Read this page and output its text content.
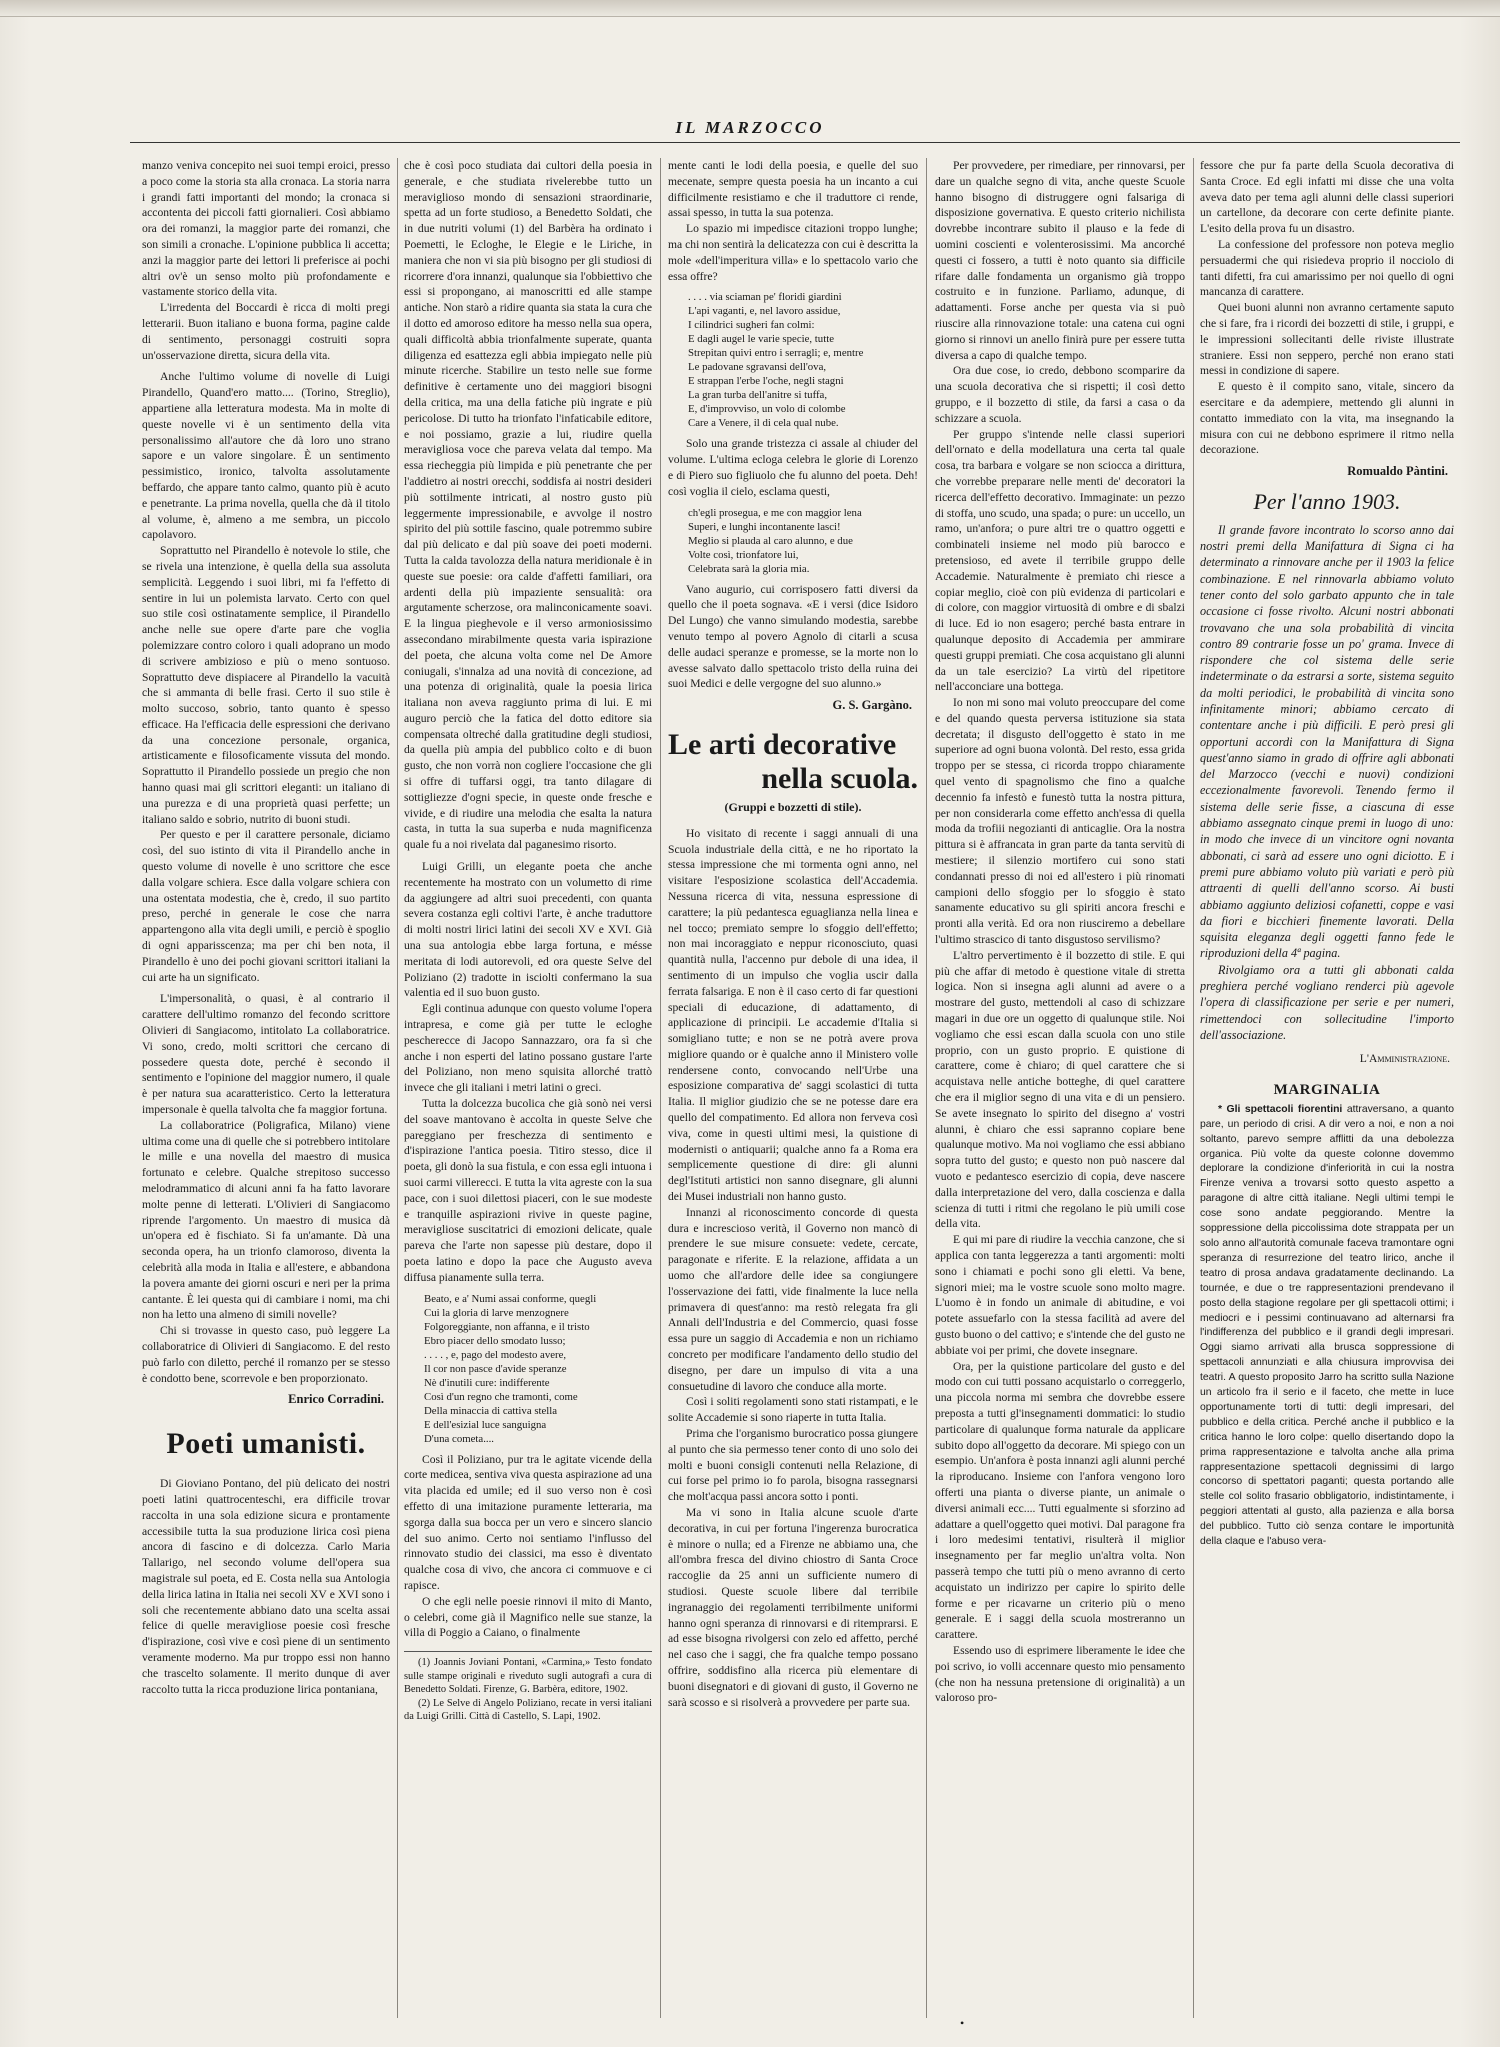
IL MARZOCCO

manzo veniva concepito nei suoi tempi eroici, presso a poco come la storia sta alla cronaca. La storia narra i grandi fatti importanti del mondo; la cronaca si accontenta dei piccoli fatti giornalieri. Così abbiamo ora dei romanzi, la maggior parte dei romanzi, che son simili a cronache. L'opinione pubblica li accetta; anzi la maggior parte dei lettori li preferisce ai pochi altri ov'è un senso molto più profondamente e vastamente storico della vita.

L'irredenta del Boccardi è ricca di molti pregi letterarii. Buon italiano e buona forma, pagine calde di sentimento, personaggi costruiti sopra un'osservazione diretta, sicura della vita.

Anche l'ultimo volume di novelle di Luigi Pirandello, Quand'ero matto.... (Torino, Streglio), appartiene alla letteratura modesta. Ma in molte di queste novelle vi è un sentimento della vita personalissimo all'autore che dà loro uno strano sapore e un valore singolare. È un sentimento pessimistico, ironico, talvolta assolutamente beffardo, che appare tanto calmo, quanto più è acuto e penetrante. La prima novella, quella che dà il titolo al volume, è, almeno a me sembra, un piccolo capolavoro.

Soprattutto nel Pirandello è notevole lo stile, che se rivela una intenzione, è quella della sua assoluta semplicità. Leggendo i suoi libri, mi fa l'effetto di sentire in lui un polemista larvato. Certo con quel suo stile così ostinatamente semplice, il Pirandello anche nelle sue opere d'arte pare che voglia polemizzare contro coloro i quali adoprano un modo di scrivere ambizioso e più o meno sontuoso. Soprattutto deve dispiacere al Pirandello la vacuità che si ammanta di belle frasi. Certo il suo stile è molto succoso, sobrio, tanto quanto è spesso efficace. Ha l'efficacia delle espressioni che derivano da una concezione personale, organica, artisticamente e filosoficamente vissuta del mondo. Soprattutto il Pirandello possiede un pregio che non hanno quasi mai gli scrittori eleganti: un italiano di una purezza e di una proprietà quasi perfette; un italiano saldo e sobrio, nutrito di buoni studi.

Per questo e per il carattere personale, diciamo così, del suo istinto di vita il Pirandello anche in questo volume di novelle è uno scrittore che esce dalla volgare schiera. Esce dalla volgare schiera con una ostentata modestia, che è, credo, il suo partito preso, perché in generale le cose che narra appartengono alla vita degli umili, e perciò è spoglio di ogni apparisscenza; ma per chi ben nota, il Pirandello è uno dei pochi giovani scrittori italiani la cui arte ha un significato.

L'impersonalità, o quasi, è al contrario il carattere dell'ultimo romanzo del fecondo scrittore Olivieri di Sangiacomo, intitolato La collaboratrice. Vi sono, credo, molti scrittori che cercano di possedere questa dote, perché è secondo il sentimento e l'opinione del maggior numero, il quale è per natura sua acaratteristico. Certo la letteratura impersonale è quella talvolta che fa maggior fortuna.

La collaboratrice (Poligrafica, Milano) viene ultima come una di quelle che si potrebbero intitolare le mille e una novella del maestro di musica fortunato e celebre. Qualche strepitoso successo melodrammatico di alcuni anni fa ha fatto lavorare molte penne di letterati. L'Olivieri di Sangiacomo riprende l'argomento. Un maestro di musica dà un'opera ed è fischiato. Si fa un'amante. Dà una seconda opera, ha un trionfo clamoroso, diventa la celebrità alla moda in Italia e all'estere, e abbandona la povera amante dei giorni oscuri e neri per la prima cantante. È lei questa qui di cambiare i nomi, ma chi non ha letto una almeno di simili novelle?

Chi si trovasse in questo caso, può leggere La collaboratrice di Olivieri di Sangiacomo. E del resto può farlo con diletto, perché il romanzo per se stesso è condotto bene, scorrevole e ben proporzionato.

Enrico Corradini.
Poeti umanisti.

Di Gioviano Pontano, del più delicato dei nostri poeti latini quattrocenteschi, era difficile trovar raccolta in una sola edizione sicura e prontamente accessibile tutta la sua produzione lirica così piena ancora di fascino e di dolcezza. Carlo Maria Tallarigo, nel secondo volume dell'opera sua magistrale sul poeta, ed E. Costa nella sua Antologia della lirica latina in Italia nei secoli XV e XVI sono i soli che recentemente abbiano dato una scelta assai felice di quelle meravigliose poesie così fresche d'ispirazione, così vive e così piene di un sentimento veramente moderno. Ma pur troppo essi non hanno che trascelto solamente. Il merito dunque di aver raccolto tutta la ricca produzione lirica pontaniana,

che è così poco studiata dai cultori della poesia in generale, e che studiata rivelerebbe tutto un meraviglioso mondo di sensazioni straordinarie, spetta ad un forte studioso, a Benedetto Soldati, che in due nutriti volumi (1) del Barbèra ha ordinato i Poemetti, le Ecloghe, le Elegie e le Liriche, in maniera che non vi sia più bisogno per gli studiosi di ricorrere d'ora innanzi, qualunque sia l'obbiettivo che essi si propongano, ai manoscritti ed alle stampe antiche. Non starò a ridire quanta sia stata la cura che il dotto ed amoroso editore ha messo nella sua opera, quali difficoltà abbia trionfalmente superate, quanta diligenza ed esattezza egli abbia impiegato nelle più minute ricerche. Stabilire un testo nelle sue forme definitive è certamente uno dei maggiori bisogni della critica, ma una della fatiche più ingrate e più pericolose. Di tutto ha trionfato l'infaticabile editore, e noi possiamo, grazie a lui, riudire quella meravigliosa voce che pareva velata dal tempo. Ma essa riecheggia più limpida e più penetrante che per l'addietro ai nostri orecchi, soddisfa ai nostri desideri più sottilmente intricati, al nostro gusto più leggermente impressionabile, e avvolge il nostro spirito del più sottile fascino, quale potremmo subire dal più delicato e dal più soave dei poeti moderni. Tutta la calda tavolozza della natura meridionale è in queste sue poesie: ora calde d'affetti familiari, ora ardenti della più impaziente sensualità: ora argutamente scherzose, ora malinconicamente soavi. E la lingua pieghevole e il verso armoniosissimo assecondano mirabilmente questa varia ispirazione del poeta, che alcuna volta come nel De Amore coniugali, s'innalza ad una novità di concezione, ad una potenza di originalità, quale la poesia lirica italiana non aveva raggiunto prima di lui. E mi auguro perciò che la fatica del dotto editore sia compensata oltreché dalla gratitudine degli studiosi, da quella più ampia del pubblico colto e di buon gusto, che non vorrà non cogliere l'occasione che gli si offre di tuffarsi oggi, tra tanto dilagare di sottigliezze d'ogni specie, in queste onde fresche e vivide, e di riudire una melodia che esalta la natura casta, in tutta la sua superba e nuda magnificenza quale fu a noi rivelata dal paganesimo risorto.

Luigi Grilli, un elegante poeta che anche recentemente ha mostrato con un volumetto di rime da aggiungere ad altri suoi precedenti, con quanta severa costanza egli coltivi l'arte, è anche traduttore di molti nostri lirici latini dei secoli XV e XVI. Già una sua antologia ebbe larga fortuna, e mésse meritata di lodi autorevoli, ed ora queste Selve del Poliziano (2) tradotte in isciolti confermano la sua valentia ed il suo buon gusto.

Egli continua adunque con questo volume l'opera intrapresa, e come già per tutte le ecloghe pescherecce di Jacopo Sannazzaro, ora fa sì che anche i non esperti del latino possano gustare l'arte del Poliziano, non meno squisita allorché trattò invece che gli italiani i metri latini o greci.

Tutta la dolcezza bucolica che già sonò nei versi del soave mantovano è accolta in queste Selve che pareggiano per freschezza di sentimento e d'ispirazione l'antica poesia. Titiro stesso, dice il poeta, gli donò la sua fistula, e con essa egli intuona i suoi carmi villerecci. E tutta la vita agreste con la sua pace, con i suoi dilettosi piaceri, con le sue modeste e tranquille aspirazioni rivive in queste pagine, meravigliose suscitatrici di emozioni delicate, quale pareva che l'arte non sapesse più destare, dopo il poeta latino e dopo la pace che Augusto aveva diffusa pianamente sulla terra.

Beato, e a' Numi assai conforme, quegli
Cui la gloria di larve menzognere
Folgoreggiante, non affanna, e il tristo
Ebro piacer dello smodato lusso;
. . . . , e, pago del modesto avere,
Il cor non pasce d'avide speranze
Nè d'inutili cure: indifferente
Così d'un regno che tramonti, come
Della minaccia di cattiva stella
E dell'esizial luce sanguigna
D'una cometa....

Così il Poliziano, pur tra le agitate vicende della corte medicea, sentiva viva questa aspirazione ad una vita placida ed umile; ed il suo verso non è così effetto di una imitazione puramente letteraria, ma sgorga dalla sua bocca per un vero e sincero slancio del suo animo. Certo noi sentiamo l'influsso del rinnovato studio dei classici, ma esso è diventato qualche cosa di vivo, che ancora ci commuove e ci rapisce.

O che egli nelle poesie rinnovi il mito di Manto, o celebri, come già il Magnifico nelle sue stanze, la villa di Poggio a Caiano, o finalmente

(1) Joannis Joviani Pontani, «Carmina,» Testo fondato sulle stampe originali e riveduto sugli autografi a cura di Benedetto Soldati. Firenze, G. Barbèra, editore, 1902.

(2) Le Selve di Angelo Poliziano, recate in versi italiani da Luigi Grilli. Città di Castello, S. Lapi, 1902.

mente canti le lodi della poesia, e quelle del suo mecenate, sempre questa poesia ha un incanto a cui difficilmente resistiamo e che il traduttore ci rende, assai spesso, in tutta la sua potenza.

Lo spazio mi impedisce citazioni troppo lunghe; ma chi non sentirà la delicatezza con cui è descritta la mole «dell'imperitura villa» e lo spettacolo vario che essa offre?

. . . . via sciaman pe' floridi giardini
L'api vaganti, e, nel lavoro assidue,
I cilindrici sugheri fan colmi:
E dagli augel le varie specie, tutte
Strepitan quivi entro i serragli; e, mentre
Le padovane sgravansi dell'ova,
E strappan l'erbe l'oche, negli stagni
La gran turba dell'anitre si tuffa,
E, d'improvviso, un volo di colombe
Care a Venere, il di cela qual nube.

Solo una grande tristezza ci assale al chiuder del volume. L'ultima ecloga celebra le glorie di Lorenzo e di Piero suo figliuolo che fu alunno del poeta. Deh! così voglia il cielo, esclama questi,

ch'egli prosegua, e me con maggior lena
Superi, e lunghi incontanente lasci!
Meglio si plauda al caro alunno, e due
Volte così, trionfatore lui,
Celebrata sarà la gloria mia.

Vano augurio, cui corrisposero fatti diversi da quello che il poeta sognava. «E i versi (dice Isidoro Del Lungo) che vanno simulando modestia, sarebbe venuto tempo al povero Agnolo di citarli a scusa delle audaci speranze e promesse, se la morte non lo avesse salvato dallo spettacolo tristo della ruina dei suoi Medici e delle vergogne del suo alunno.»

G. S. Gargàno.
Le arti decorative
nella scuola.
(Gruppi e bozzetti di stile).

Ho visitato di recente i saggi annuali di una Scuola industriale della città, e ne ho riportato la stessa impressione che mi tormenta ogni anno, nel visitare l'esposizione scolastica dell'Accademia. Nessuna ricerca di vita, nessuna espressione di carattere; la più pedantesca eguaglianza nella linea e nel tocco; premiato sempre lo sfoggio dell'effetto; non mai incoraggiato e neppur riconosciuto, quasi quantità nulla, l'accenno pur debole di una idea, il sentimento di un impulso che voglia uscir dalla ferrata falsariga. E non è il caso certo di far questioni speciali di educazione, di adattamento, di applicazione di principii. Le accademie d'Italia si somigliano tutte; e non se ne potrà avere prova migliore quando or è qualche anno il Ministero volle rendersene conto, convocando nell'Urbe una esposizione comparativa de' saggi scolastici di tutta Italia. Il miglior giudizio che se ne potesse dare era quello del compatimento. Ed allora non ferveva così viva, come in questi ultimi mesi, la quistione di modernisti o antiquarii; qualche anno fa a Roma era semplicemente questione di dire: gli alunni degl'Istituti artistici non sanno disegnare, gli alunni dei Musei industriali non hanno gusto.

Innanzi al riconoscimento concorde di questa dura e increscioso verità, il Governo non mancò di prendere le sue misure consuete: vedete, cercate, paragonate e riferite. E la relazione, affidata a un uomo che all'ardore delle idee sa congiungere l'osservazione dei fatti, vide finalmente la luce nella primavera di quest'anno: ma restò relegata fra gli Annali dell'Industria e del Commercio, quasi fosse essa pure un saggio di Accademia e non un richiamo concreto per modificare l'andamento dello studio del disegno, per dare un impulso di vita a una consuetudine di lavoro che conduce alla morte.

Così i soliti regolamenti sono stati ristampati, e le solite Accademie si sono riaperte in tutta Italia.

Prima che l'organismo burocratico possa giungere al punto che sia permesso tener conto di uno solo dei molti e buoni consigli contenuti nella Relazione, di cui forse pel primo io fo parola, bisogna rassegnarsi che molt'acqua passi ancora sotto i ponti.

Ma vi sono in Italia alcune scuole d'arte decorativa, in cui per fortuna l'ingerenza burocratica è minore o nulla; ed a Firenze ne abbiamo una, che all'ombra fresca del divino chiostro di Santa Croce raccoglie da 25 anni un sufficiente numero di studiosi. Queste scuole libere dal terribile ingranaggio dei regolamenti terribilmente uniformi hanno ogni speranza di rinnovarsi e di ritemprarsi. E ad esse bisogna rivolgersi con zelo ed affetto, perché nel caso che i saggi, che fra qualche tempo possano offrire, soddisfino alla ricerca più elementare di buoni disegnatori e di giovani di gusto, il Governo ne sarà scosso e si risolverà a provvedere per parte sua.

Per provvedere, per rimediare, per rinnovarsi, per dare un qualche segno di vita, anche queste Scuole hanno bisogno di distruggere ogni falsariga di disposizione governativa. E questo criterio nichilista dovrebbe incontrare subito il plauso e la fede di uomini coscienti e volenterosissimi. Ma ancorché questi ci fossero, a tutti è noto quanto sia difficile rifare dalle fondamenta un organismo già troppo costruito e in funzione. Parliamo, adunque, di adattamenti. Forse anche per questa via si può riuscire alla rinnovazione totale: una catena cui ogni giorno si rinnovi un anello finirà pure per essere tutta diversa a capo di qualche tempo.

Ora due cose, io credo, debbono scomparire da una scuola decorativa che si rispetti; il così detto gruppo, e il bozzetto di stile, da farsi a casa o da schizzare a scuola.

Per gruppo s'intende nelle classi superiori dell'ornato e della modellatura una certa tal quale cosa, tra barbara e volgare se non sciocca a dirittura, che vorrebbe preparare nelle menti de' decoratori la ricerca dell'effetto decorativo. Immaginate: un pezzo di stoffa, uno scudo, una spada; o pure: un uccello, un ramo, un'anfora; o pure altri tre o quattro oggetti e combinateli insieme nel modo più barocco e pretensioso, ed avete il terribile gruppo delle Accademie. Naturalmente è premiato chi riesce a copiar meglio, cioè con più evidenza di particolari e di colore, con maggior virtuosità di ombre e di sbalzi di luce. Ed io non esagero; perché basta entrare in qualunque deposito di Accademia per ammirare questi gruppi premiati. Che cosa acquistano gli alunni da un tale esercizio? La virtù del ripetitore nell'acconciare una bottega.

Io non mi sono mai voluto preoccupare del come e del quando questa perversa istituzione sia stata decretata; il disgusto dell'oggetto è stato in me superiore ad ogni buona volontà. Del resto, essa grida troppo per se stessa, ci ricorda troppo chiaramente quel vento di spagnolismo che fino a qualche decennio fa infestò e funestò tutta la nostra pittura, per non considerarla come effetto anch'essa di quella moda da trofiii negozianti di anticaglie. Ora la nostra pittura si è affrancata in gran parte da tanta servitù di mestiere; il silenzio mortifero cui sono stati condannati presso di noi ed all'estero i più rinomati campioni dello sfoggio per lo sfoggio è stato sanamente educativo su gli spiriti ancora freschi e pronti alla verità. Ed ora non riusciremo a debellare l'ultimo strascico di tanto disgustoso servilismo?

L'altro pervertimento è il bozzetto di stile. E qui più che affar di metodo è questione vitale di stretta logica. Non si insegna agli alunni ad avere o a mostrare del gusto, mettendoli al caso di schizzare magari in due ore un oggetto di qualunque stile. Noi vogliamo che essi escan dalla scuola con uno stile proprio, con un gusto proprio. E quistione di carattere, come è chiaro; di quel carattere che si acquistava nelle antiche botteghe, di quel carattere che era il miglior segno di una vita e di un pensiero. Se avete insegnato lo spirito del disegno a' vostri alunni, è chiaro che essi sapranno copiare bene qualunque motivo. Ma noi vogliamo che essi abbiano sopra tutto del gusto; e questo non può nascere dal vuoto e pedantesco esercizio di copia, deve nascere dalla interpretazione del vero, dalla coscienza e dalla scienza di tutti i ritmi che regolano le più umili cose della vita.

E qui mi pare di riudire la vecchia canzone, che si applica con tanta leggerezza a tanti argomenti: molti sono i chiamati e pochi sono gli eletti. Va bene, signori miei; ma le vostre scuole sono molto magre. L'uomo è in fondo un animale di abitudine, e voi potete assuefarlo con la stessa facilità ad avere del gusto buono o del cattivo; e s'intende che del gusto ne abbiate voi per primi, che dovete insegnare.

Ora, per la quistione particolare del gusto e del modo con cui tutti possano acquistarlo o correggerlo, una piccola norma mi sembra che dovrebbe essere preposta a tutti gl'insegnamenti dommatici: lo studio particolare di qualunque forma naturale da applicare subito dopo all'oggetto da decorare. Mi spiego con un esempio. Un'anfora è posta innanzi agli alunni perché la riproducano. Insieme con l'anfora vengono loro offerti una pianta o diverse piante, un animale o diversi animali ecc.... Tutti egualmente si sforzino ad adattare a quell'oggetto quei motivi. Dal paragone fra i loro medesimi tentativi, risulterà il miglior insegnamento per far meglio un'altra volta. Non passerà tempo che tutti più o meno avranno di certo acquistato un indirizzo per capire lo spirito delle forme e per ricavarne un criterio più o meno generale. E i saggi della scuola mostreranno un carattere.

Essendo uso di esprimere liberamente le idee che poi scrivo, io volli accennare questo mio pensamento (che non ha nessuna pretensione di originalità) a un valoroso pro-

fessore che pur fa parte della Scuola decorativa di Santa Croce. Ed egli infatti mi disse che una volta aveva dato per tema agli alunni delle classi superiori un cartellone, da decorare con certe definite piante. L'esito della prova fu un disastro.

La confessione del professore non poteva meglio persuadermi che qui risiedeva proprio il nocciolo di tanti difetti, fra cui amarissimo per noi quello di ogni mancanza di carattere.

Quei buoni alunni non avranno certamente saputo che si fare, fra i ricordi dei bozzetti di stile, i gruppi, e le impressioni sollecitanti delle riviste illustrate straniere. Essi non seppero, perché non erano stati messi in condizione di sapere.

E questo è il compito sano, vitale, sincero da esercitare e da adempiere, mettendo gli alunni in contatto immediato con la vita, ma insegnando la misura con cui ne debbono esprimere il ritmo nella decorazione.

Romualdo Pàntini.
Per l'anno 1903.

Il grande favore incontrato lo scorso anno dai nostri premi della Manifattura di Signa ci ha determinato a rinnovare anche per il 1903 la felice combinazione. E nel rinnovarla abbiamo voluto tener conto del solo garbato appunto che in tale occasione ci fosse rivolto. Alcuni nostri abbonati trovavano che una sola probabilità di vincita contro 89 contrarie fosse un po' grama. Invece di rispondere che col sistema delle serie indeterminate o da estrarsi a sorte, sistema seguito da molti periodici, le probabilità di vincita sono infinitamente minori; abbiamo cercato di contentare anche i più difficili. E però presi gli opportuni accordi con la Manifattura di Signa quest'anno siamo in grado di offrire agli abbonati del Marzocco (vecchi e nuovi) condizioni eccezionalmente favorevoli. Tenendo fermo il sistema delle serie fisse, a ciascuna di esse abbiamo assegnato cinque premi in luogo di uno: in modo che invece di un vincitore ogni novanta abbonati, ci sarà ad essere uno ogni diciotto. E i premi pure abbiamo voluto più variati e però più attraenti di quelli dell'anno scorso. Ai busti abbiamo aggiunto deliziosi cofanetti, coppe e vasi da fiori e bicchieri finemente lavorati. Della squisita eleganza degli oggetti fanno fede le riproduzioni della 4ª pagina.

Rivolgiamo ora a tutti gli abbonati calda preghiera perché vogliano renderci più agevole l'opera di classificazione per serie e per numeri, rimettendoci con sollecitudine l'importo dell'associazione.

L'Amministrazione.
MARGINALIA

* Gli spettacoli fiorentini attraversano, a quanto pare, un periodo di crisi. A dir vero a noi, e non a noi soltanto, parevo sempre afflitti da una debolezza organica. Più volte da queste colonne dovemmo deplorare la condizione d'inferiorità in cui la nostra Firenze veniva a trovarsi sotto questo aspetto a paragone di altre città italiane. Negli ultimi tempi le cose sono andate peggiorando. Mentre la soppressione della piccolissima dote strappata per un solo anno all'autorità comunale faceva tramontare ogni speranza di resurrezione del teatro lirico, anche il teatro di prosa andava gradatamente declinando. La tournée, e due o tre rappresentazioni prendevano il posto della stagione regolare per gli spettacoli ottimi; i mediocri e i pessimi continuavano ad alternarsi fra l'indifferenza del pubblico e il grandi degli impresari. Oggi siamo arrivati alla brusca soppressione di spettacoli annunziati e alla chiusura improvvisa dei teatri. A questo proposito Jarro ha scritto sulla Nazione un articolo fra il serio e il faceto, che mette in luce opportunamente torti di tutti: degli impresari, del pubblico e della critica. Perché anche il pubblico e la critica hanno le loro colpe: quello disertando dopo la prima rappresentazione e talvolta anche alla prima rappresentazione spettacoli degnissimi di largo concorso di spettatori paganti; questa portando alle stelle col solito frasario obbligatorio, indistintamente, i peggiori attentati al gusto, alla pazienza e alla borsa del pubblico. Tutto ciò senza contare le importunità della claque e l'abuso vera-

•
